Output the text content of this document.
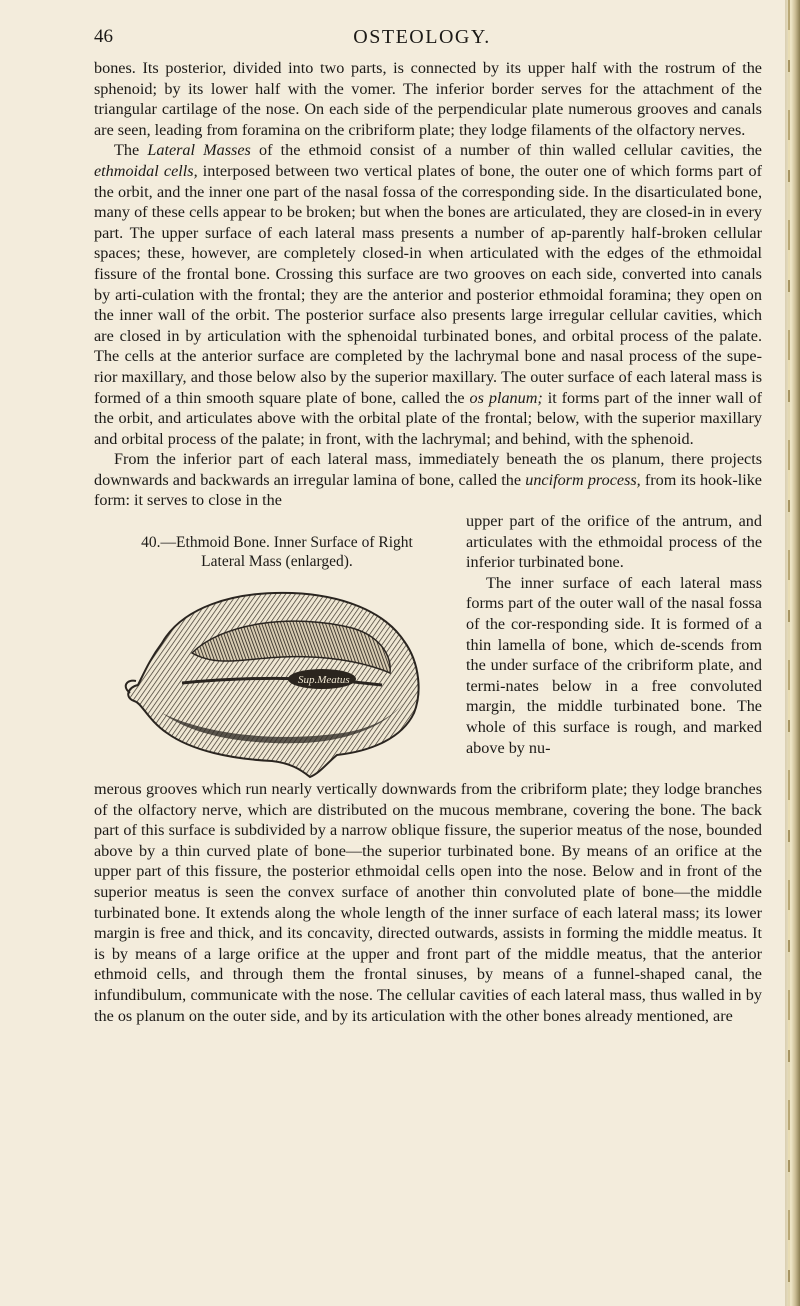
46	OSTEOLOGY.

bones. Its posterior, divided into two parts, is connected by its upper half with the rostrum of the sphenoid; by its lower half with the vomer. The inferior border serves for the attachment of the triangular cartilage of the nose. On each side of the perpendicular plate numerous grooves and canals are seen, leading from foramina on the cribriform plate; they lodge filaments of the olfactory nerves.

The Lateral Masses of the ethmoid consist of a number of thin walled cellular cavities, the ethmoidal cells, interposed between two vertical plates of bone, the outer one of which forms part of the orbit, and the inner one part of the nasal fossa of the corresponding side. In the disarticulated bone, many of these cells appear to be broken; but when the bones are articulated, they are closed-in in every part. The upper surface of each lateral mass presents a number of ap-parently half-broken cellular spaces; these, however, are completely closed-in when articulated with the edges of the ethmoidal fissure of the frontal bone. Crossing this surface are two grooves on each side, converted into canals by arti-culation with the frontal; they are the anterior and posterior ethmoidal foramina; they open on the inner wall of the orbit. The posterior surface also presents large irregular cellular cavities, which are closed in by articulation with the sphenoidal turbinated bones, and orbital process of the palate. The cells at the anterior surface are completed by the lachrymal bone and nasal process of the supe-rior maxillary, and those below also by the superior maxillary. The outer surface of each lateral mass is formed of a thin smooth square plate of bone, called the os planum; it forms part of the inner wall of the orbit, and articulates above with the orbital plate of the frontal; below, with the superior maxillary and orbital process of the palate; in front, with the lachrymal; and behind, with the sphenoid.

From the inferior part of each lateral mass, immediately beneath the os planum, there projects downwards and backwards an irregular lamina of bone, called the unciform process, from its hook-like form: it serves to close in the

40.—Ethmoid Bone. Inner Surface of Right
Lateral Mass (enlarged).
Sup.Meatus

upper part of the orifice of the antrum, and articulates with the ethmoidal process of the inferior turbinated bone.

The inner surface of each lateral mass forms part of the outer wall of the nasal fossa of the cor-responding side. It is formed of a thin lamella of bone, which de-scends from the under surface of the cribriform plate, and termi-nates below in a free convoluted margin, the middle turbinated bone. The whole of this surface is rough, and marked above by nu-

merous grooves which run nearly vertically downwards from the cribriform plate; they lodge branches of the olfactory nerve, which are distributed on the mucous membrane, covering the bone. The back part of this surface is subdivided by a narrow oblique fissure, the superior meatus of the nose, bounded above by a thin curved plate of bone—the superior turbinated bone. By means of an orifice at the upper part of this fissure, the posterior ethmoidal cells open into the nose. Below and in front of the superior meatus is seen the convex surface of another thin convoluted plate of bone—the middle turbinated bone. It extends along the whole length of the inner surface of each lateral mass; its lower margin is free and thick, and its concavity, directed outwards, assists in forming the middle meatus. It is by means of a large orifice at the upper and front part of the middle meatus, that the anterior ethmoid cells, and through them the frontal sinuses, by means of a funnel-shaped canal, the infundibulum, communicate with the nose. The cellular cavities of each lateral mass, thus walled in by the os planum on the outer side, and by its articulation with the other bones already mentioned, are
